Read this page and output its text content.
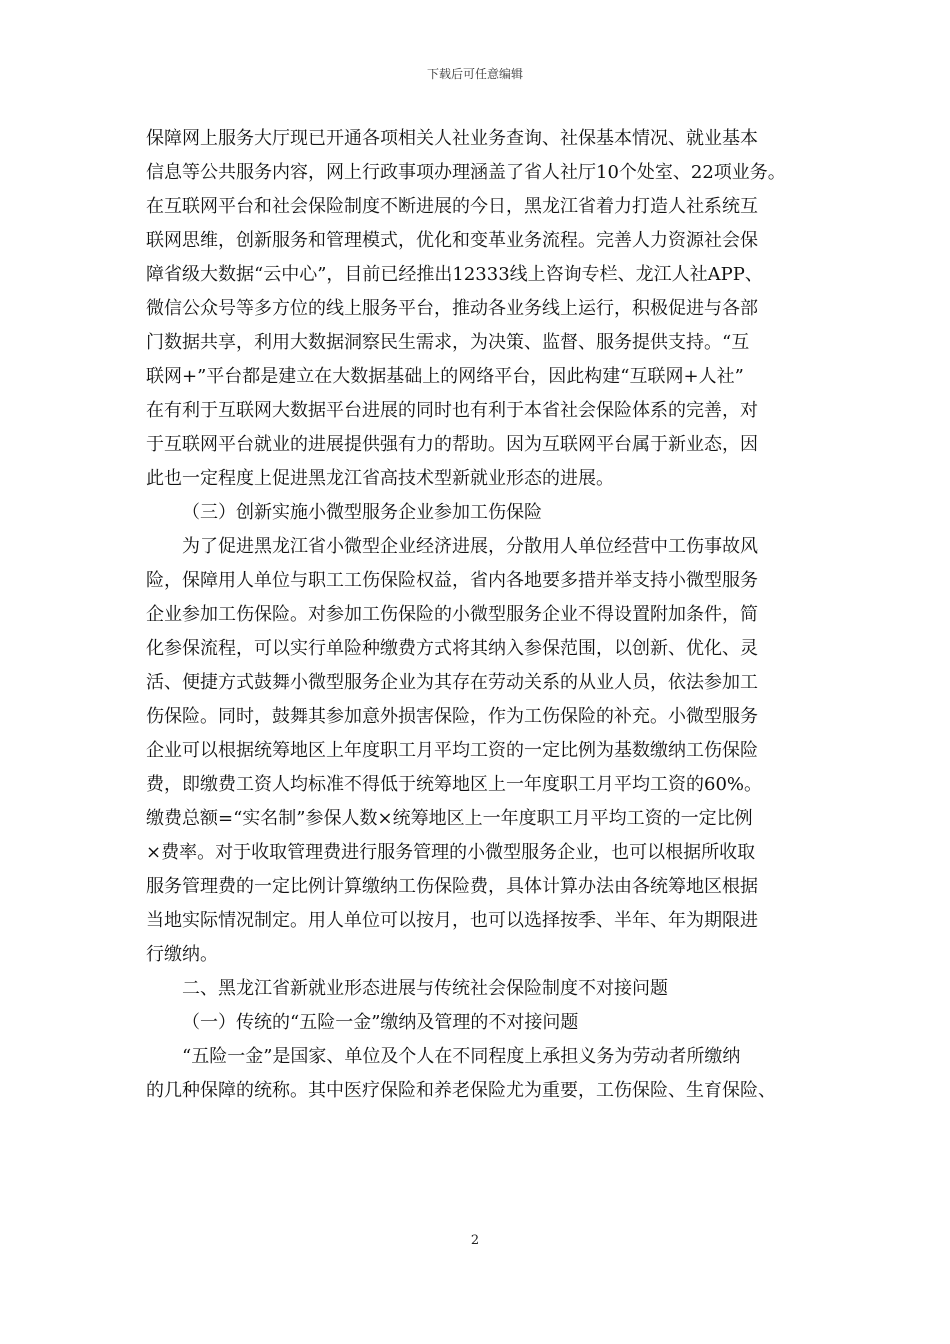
下载后可任意编辑
保障网上服务大厅现已开通各项相关人社业务查询、社保基本情况、就业基本
信息等公共服务内容，网上行政事项办理涵盖了省人社厅10个处室、22项业务。
在互联网平台和社会保险制度不断进展的今日，黑龙江省着力打造人社系统互
联网思维，创新服务和管理模式，优化和变革业务流程。完善人力资源社会保
障省级大数据“云中心”，目前已经推出12333线上咨询专栏、龙江人社APP、
微信公众号等多方位的线上服务平台，推动各业务线上运行，积极促进与各部
门数据共享，利用大数据洞察民生需求，为决策、监督、服务提供支持。“互
联网+”平台都是建立在大数据基础上的网络平台，因此构建“互联网+人社”
在有利于互联网大数据平台进展的同时也有利于本省社会保险体系的完善，对
于互联网平台就业的进展提供强有力的帮助。因为互联网平台属于新业态，因
此也一定程度上促进黑龙江省高技术型新就业形态的进展。
（三）创新实施小微型服务企业参加工伤保险
为了促进黑龙江省小微型企业经济进展，分散用人单位经营中工伤事故风
险，保障用人单位与职工工伤保险权益，省内各地要多措并举支持小微型服务
企业参加工伤保险。对参加工伤保险的小微型服务企业不得设置附加条件，简
化参保流程，可以实行单险种缴费方式将其纳入参保范围，以创新、优化、灵
活、便捷方式鼓舞小微型服务企业为其存在劳动关系的从业人员，依法参加工
伤保险。同时，鼓舞其参加意外损害保险，作为工伤保险的补充。小微型服务
企业可以根据统筹地区上年度职工月平均工资的一定比例为基数缴纳工伤保险
费，即缴费工资人均标准不得低于统筹地区上一年度职工月平均工资的60%。
缴费总额=“实名制”参保人数×统筹地区上一年度职工月平均工资的一定比例
×费率。对于收取管理费进行服务管理的小微型服务企业，也可以根据所收取
服务管理费的一定比例计算缴纳工伤保险费，具体计算办法由各统筹地区根据
当地实际情况制定。用人单位可以按月，也可以选择按季、半年、年为期限进
行缴纳。
二、黑龙江省新就业形态进展与传统社会保险制度不对接问题
（一）传统的“五险一金”缴纳及管理的不对接问题
“五险一金”是国家、单位及个人在不同程度上承担义务为劳动者所缴纳
的几种保障的统称。其中医疗保险和养老保险尤为重要，工伤保险、生育保险、
2
